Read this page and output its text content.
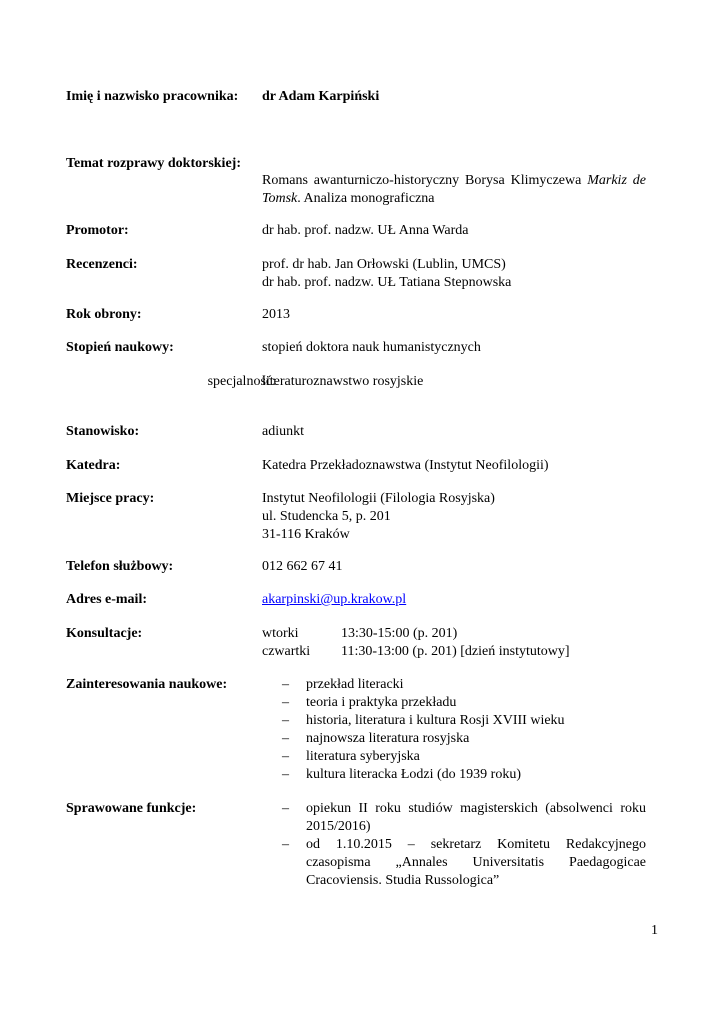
Imię i nazwisko pracownika: dr Adam Karpiński
Temat rozprawy doktorskiej:
Romans awanturniczo-historyczny Borysa Klimyczewa Markiz de Tomsk. Analiza monograficzna
Promotor:	dr hab. prof. nadzw. UŁ Anna Warda
Recenzenci:	prof. dr hab. Jan Orłowski (Lublin, UMCS)
dr hab. prof. nadzw. UŁ Tatiana Stepnowska
Rok obrony:	2013
Stopień naukowy:	stopień doktora nauk humanistycznych
specjalność:
literaturoznawstwo rosyjskie
Stanowisko:	adiunkt
Katedra:	Katedra Przekładoznawstwa (Instytut Neofilologii)
Miejsce pracy:	Instytut Neofilologii (Filologia Rosyjska)
ul. Studencka 5, p. 201
31-116 Kraków
Telefon służbowy:	012 662 67 41
Adres e-mail:	akarpinski@up.krakow.pl
Konsultacje:	wtorki	13:30-15:00 (p. 201)
czwartki 11:30-13:00 (p. 201) [dzień instytutowy]
Zainteresowania naukowe:	– przekład literacki
– teoria i praktyka przekładu
– historia, literatura i kultura Rosji XVIII wieku
– najnowsza literatura rosyjska
– literatura syberyjska
– kultura literacka Łodzi (do 1939 roku)
Sprawowane funkcje:	– opiekun II roku studiów magisterskich (absolwenci roku 2015/2016)
– od 1.10.2015 – sekretarz Komitetu Redakcyjnego czasopisma „Annales Universitatis Paedagogicae Cracoviensis. Studia Russologica”
1
